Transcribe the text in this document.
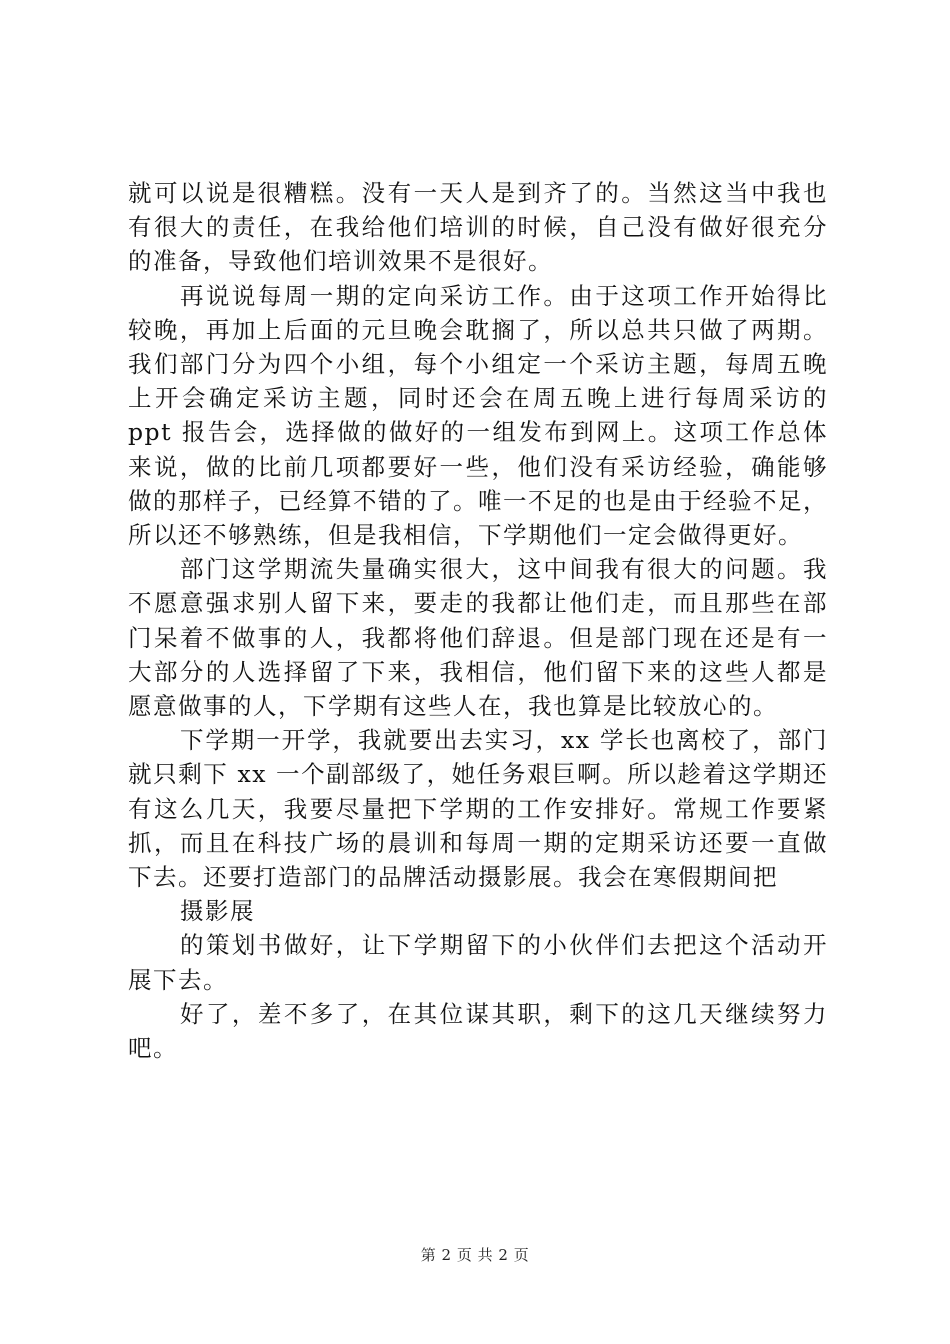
就可以说是很糟糕。没有一天人是到齐了的。当然这当中我也
有很大的责任，在我给他们培训的时候，自己没有做好很充分
的准备，导致他们培训效果不是很好。
再说说每周一期的定向采访工作。由于这项工作开始得比
较晚，再加上后面的元旦晚会耽搁了，所以总共只做了两期。
我们部门分为四个小组，每个小组定一个采访主题，每周五晚
上开会确定采访主题，同时还会在周五晚上进行每周采访的
ppt 报告会，选择做的做好的一组发布到网上。这项工作总体
来说，做的比前几项都要好一些，他们没有采访经验，确能够
做的那样子，已经算不错的了。唯一不足的也是由于经验不足，
所以还不够熟练，但是我相信，下学期他们一定会做得更好。
部门这学期流失量确实很大，这中间我有很大的问题。我
不愿意强求别人留下来，要走的我都让他们走，而且那些在部
门呆着不做事的人，我都将他们辞退。但是部门现在还是有一
大部分的人选择留了下来，我相信，他们留下来的这些人都是
愿意做事的人，下学期有这些人在，我也算是比较放心的。
下学期一开学，我就要出去实习，xx 学长也离校了，部门
就只剩下 xx 一个副部级了，她任务艰巨啊。所以趁着这学期还
有这么几天，我要尽量把下学期的工作安排好。常规工作要紧
抓，而且在科技广场的晨训和每周一期的定期采访还要一直做
下去。还要打造部门的品牌活动摄影展。我会在寒假期间把
摄影展
的策划书做好，让下学期留下的小伙伴们去把这个活动开
展下去。
好了，差不多了，在其位谋其职，剩下的这几天继续努力
吧。
第 2 页 共 2 页
